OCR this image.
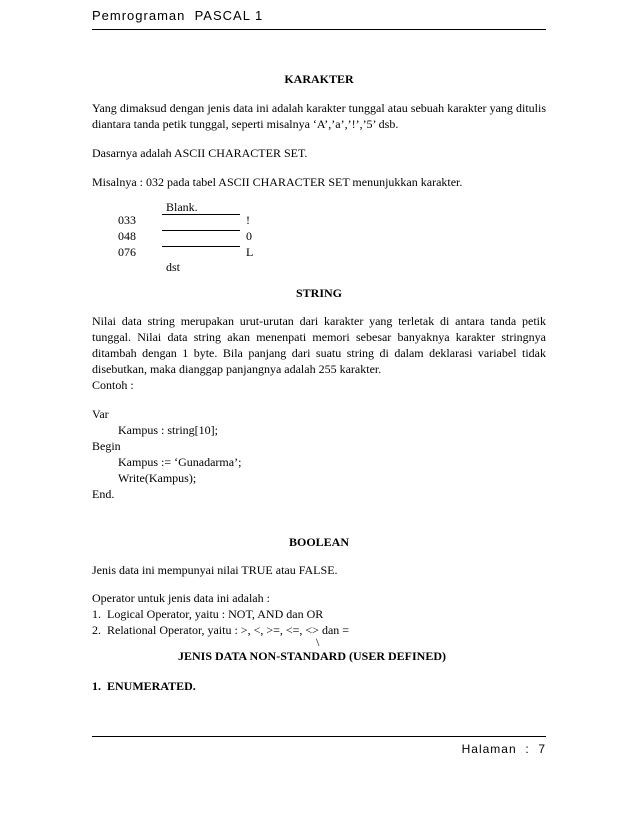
Pemrograman  PASCAL 1
KARAKTER
Yang dimaksud dengan jenis data ini adalah karakter tunggal atau sebuah karakter yang ditulis diantara tanda petik tunggal, seperti misalnya ‘A’,’a’,’!’,’5’ dsb.
Dasarnya adalah ASCII CHARACTER SET.
Misalnya : 032 pada tabel ASCII CHARACTER SET menunjukkan karakter.
Blank.
033	!
048	0
076	L
dst
STRING
Nilai data string merupakan urut-urutan dari karakter yang terletak di antara tanda petik tunggal. Nilai data string akan menenpati memori sebesar banyaknya karakter stringnya ditambah dengan 1 byte. Bila panjang dari suatu string di dalam deklarasi variabel tidak disebutkan, maka dianggap panjangnya adalah 255 karakter.
Contoh :
Var
Kampus : string[10];
Begin
Kampus := ‘Gunadarma’;
Write(Kampus);
End.
BOOLEAN
Jenis data ini mempunyai nilai TRUE atau FALSE.
Operator untuk jenis data ini adalah :
1.  Logical Operator, yaitu : NOT, AND dan OR
2.  Relational Operator, yaitu : >, <, >=, <=, <> dan =
\
JENIS DATA NON-STANDARD (USER DEFINED)
1.  ENUMERATED.
Halaman  :  7
